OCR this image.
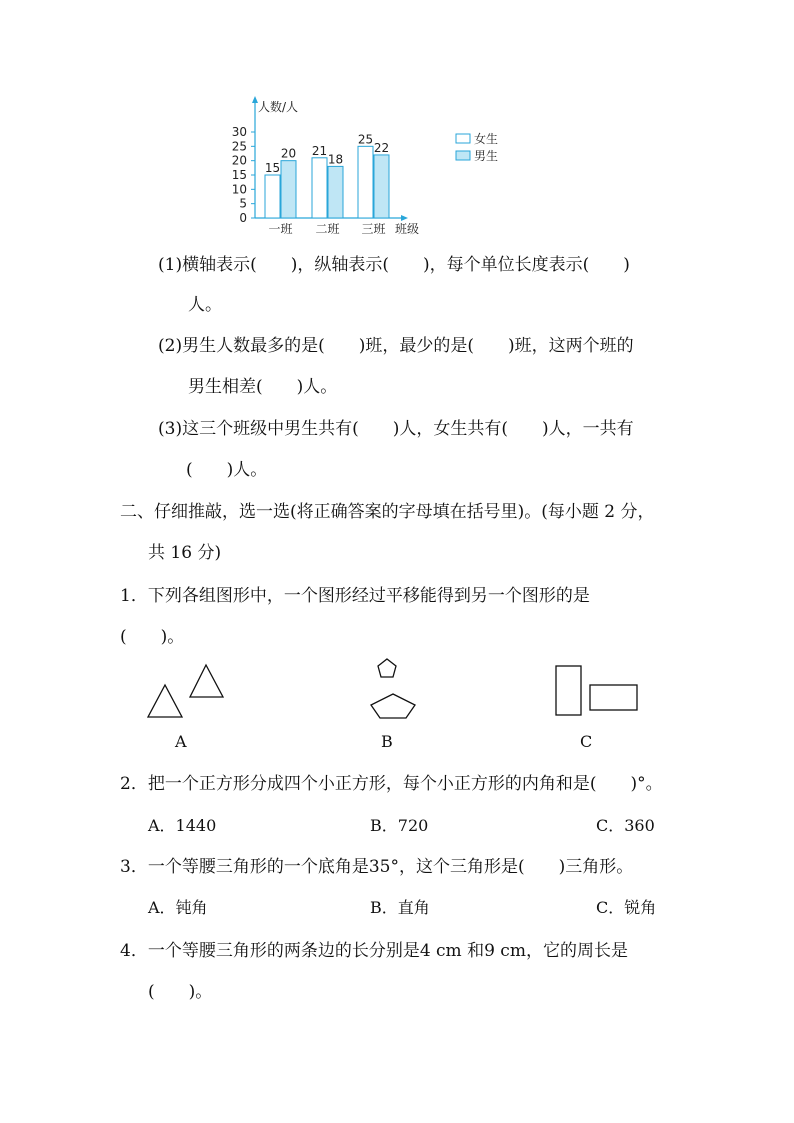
0
5
10
15
20
25
30
人数/人
班级
15
20
一班
21
18
二班
25
22
三班
女生
男生
(1)横轴表示(　　)，纵轴表示(　　)，每个单位长度表示(　　)
人。
(2)男生人数最多的是(　　)班，最少的是(　　)班，这两个班的
男生相差(　　)人。
(3)这三个班级中男生共有(　　)人，女生共有(　　)人，一共有
(　　)人。
二、仔细推敲，选一选(将正确答案的字母填在括号里)。(每小题 2 分，
共 16 分)
1．下列各组图形中，一个图形经过平移能得到另一个图形的是
(　　)。
A	B	C
2．把一个正方形分成四个小正方形，每个小正方形的内角和是(　　)°。
A．1440	B．720	C．360
3．一个等腰三角形的一个底角是35°，这个三角形是(　　)三角形。
A．钝角	B．直角	C．锐角
4．一个等腰三角形的两条边的长分别是4 cm 和9 cm，它的周长是
(　　)。
